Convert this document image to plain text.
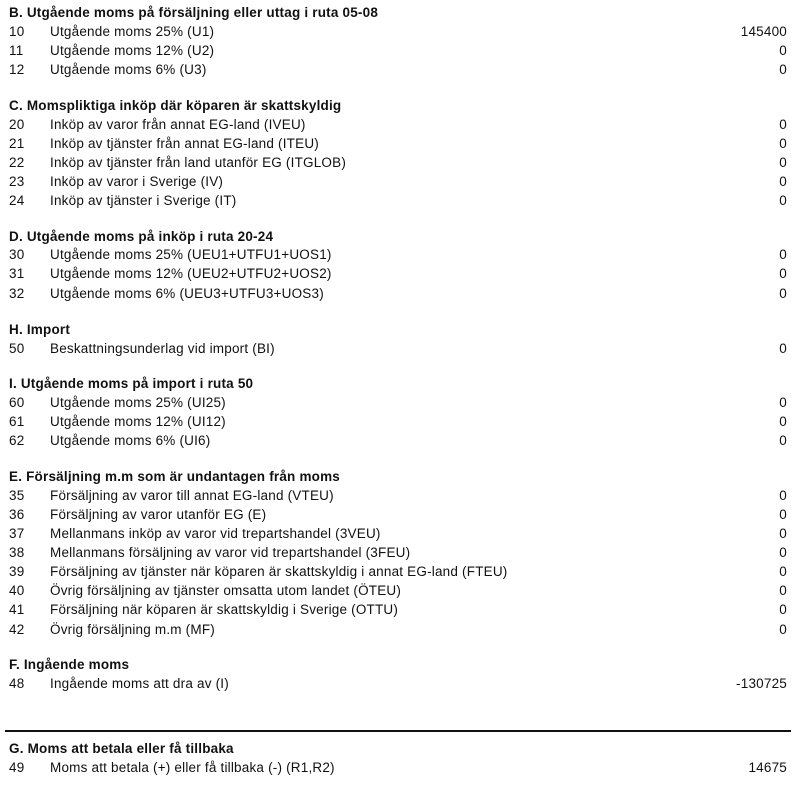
B. Utgående moms på försäljning eller uttag i ruta 05-08
10 Utgående moms 25% (U1)	145400
11 Utgående moms 12% (U2)	0
12 Utgående moms 6% (U3)	0
C. Momspliktiga inköp där köparen är skattskyldig
20 Inköp av varor från annat EG-land (IVEU)	0
21 Inköp av tjänster från annat EG-land (ITEU)	0
22 Inköp av tjänster från land utanför EG (ITGLOB)	0
23 Inköp av varor i Sverige (IV)	0
24 Inköp av tjänster i Sverige (IT)	0
D. Utgående moms på inköp i ruta 20-24
30 Utgående moms 25% (UEU1+UTFU1+UOS1)	0
31 Utgående moms 12% (UEU2+UTFU2+UOS2)	0
32 Utgående moms 6% (UEU3+UTFU3+UOS3)	0
H. Import
50 Beskattningsunderlag vid import (BI)	0
I. Utgående moms på import i ruta 50
60 Utgående moms 25% (UI25)	0
61 Utgående moms 12% (UI12)	0
62 Utgående moms 6% (UI6)	0
E. Försäljning m.m som är undantagen från moms
35 Försäljning av varor till annat EG-land (VTEU)	0
36 Försäljning av varor utanför EG (E)	0
37 Mellanmans inköp av varor vid trepartshandel (3VEU)	0
38 Mellanmans försäljning av varor vid trepartshandel (3FEU)	0
39 Försäljning av tjänster när köparen är skattskyldig i annat EG-land (FTEU)	0
40 Övrig försäljning av tjänster omsatta utom landet (ÖTEU)	0
41 Försäljning när köparen är skattskyldig i Sverige (OTTU)	0
42 Övrig försäljning m.m (MF)	0
F. Ingående moms
48 Ingående moms att dra av (I)	-130725
G. Moms att betala eller få tillbaka
49 Moms att betala (+) eller få tillbaka (-) (R1,R2)	14675
